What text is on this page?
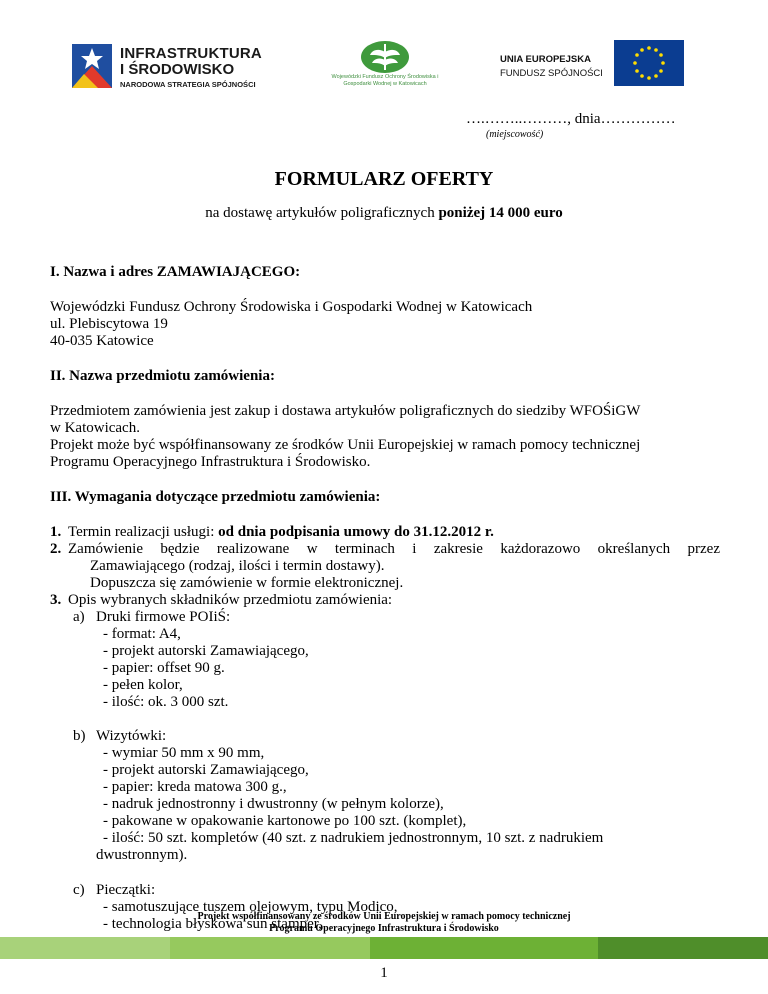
INFRASTRUKTURA
I ŚRODOWISKO
NARODOWA STRATEGIA SPÓJNOŚCI
Wojewódzki Fundusz Ochrony Środowiska i Gospodarki Wodnej w Katowicach
UNIA EUROPEJSKA
FUNDUSZ SPÓJNOŚCI
….……..………, dnia……………
(miejscowość)
FORMULARZ OFERTY
na dostawę artykułów poligraficznych poniżej 14 000 euro
I. Nazwa i adres ZAMAWIAJĄCEGO:
Wojewódzki Fundusz Ochrony Środowiska i Gospodarki Wodnej w Katowicach
ul. Plebiscytowa 19
40-035 Katowice
II. Nazwa przedmiotu zamówienia:
Przedmiotem zamówienia jest zakup i dostawa artykułów poligraficznych do siedziby WFOŚiGW
w Katowicach.
Projekt może być współfinansowany ze środków Unii Europejskiej w ramach pomocy technicznej
Programu Operacyjnego Infrastruktura i Środowisko.
III. Wymagania dotyczące przedmiotu zamówienia:
1. Termin realizacji usługi: od dnia podpisania umowy do 31.12.2012 r.
2. Zamówienie będzie realizowane w terminach i zakresie każdorazowo określanych przez
Zamawiającego (rodzaj, ilości i termin dostawy).
Dopuszcza się zamówienie w formie elektronicznej.
3. Opis wybranych składników przedmiotu zamówienia:
a) Druki firmowe POIiŚ:
- format: A4,
- projekt autorski Zamawiającego,
- papier: offset 90 g.
- pełen kolor,
- ilość: ok. 3 000 szt.
b) Wizytówki:
- wymiar 50 mm x 90 mm,
- projekt autorski Zamawiającego,
- papier: kreda matowa 300 g.,
- nadruk jednostronny i dwustronny (w pełnym kolorze),
- pakowane w opakowanie kartonowe po 100 szt. (komplet),
- ilość: 50 szt. kompletów (40 szt. z nadrukiem jednostronnym, 10 szt. z nadrukiem
dwustronnym).
c) Pieczątki:
- samotuszujące tuszem olejowym, typu Modico,
- technologia błyskowa sun stamper,
Projekt współfinansowany ze środków Unii Europejskiej w ramach pomocy technicznej
Programu Operacyjnego Infrastruktura i Środowisko
1
